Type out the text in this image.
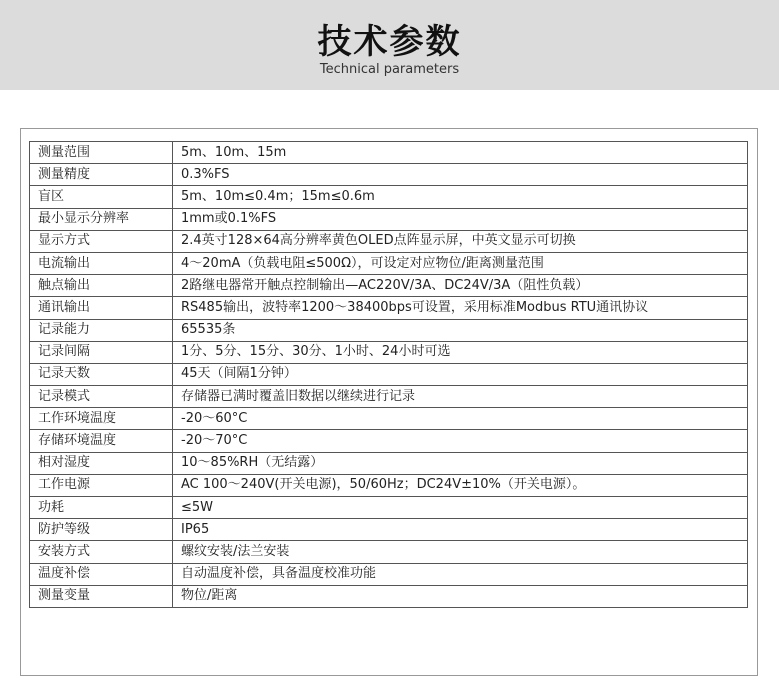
技术参数
Technical parameters
测量范围	5m、10m、15m
测量精度	0.3%FS
盲区	5m、10m≤0.4m；15m≤0.6m
最小显示分辨率	1mm或0.1%FS
显示方式	2.4英寸128×64高分辨率黄色OLED点阵显示屏，中英文显示可切换
电流输出	4～20mA（负载电阻≤500Ω），可设定对应物位/距离测量范围
触点输出	2路继电器常开触点控制输出—AC220V/3A、DC24V/3A（阻性负载）
通讯输出	RS485输出，波特率1200～38400bps可设置，采用标准Modbus RTU通讯协议
记录能力	65535条
记录间隔	1分、5分、15分、30分、1小时、24小时可选
记录天数	45天（间隔1分钟）
记录模式	存储器已满时覆盖旧数据以继续进行记录
工作环境温度	-20～60°C
存储环境温度	-20～70°C
相对湿度	10～85%RH（无结露）
工作电源	AC 100～240V(开关电源)，50/60Hz；DC24V±10%（开关电源）。
功耗	≤5W
防护等级	IP65
安装方式	螺纹安装/法兰安装
温度补偿	自动温度补偿，具备温度校准功能
测量变量	物位/距离
